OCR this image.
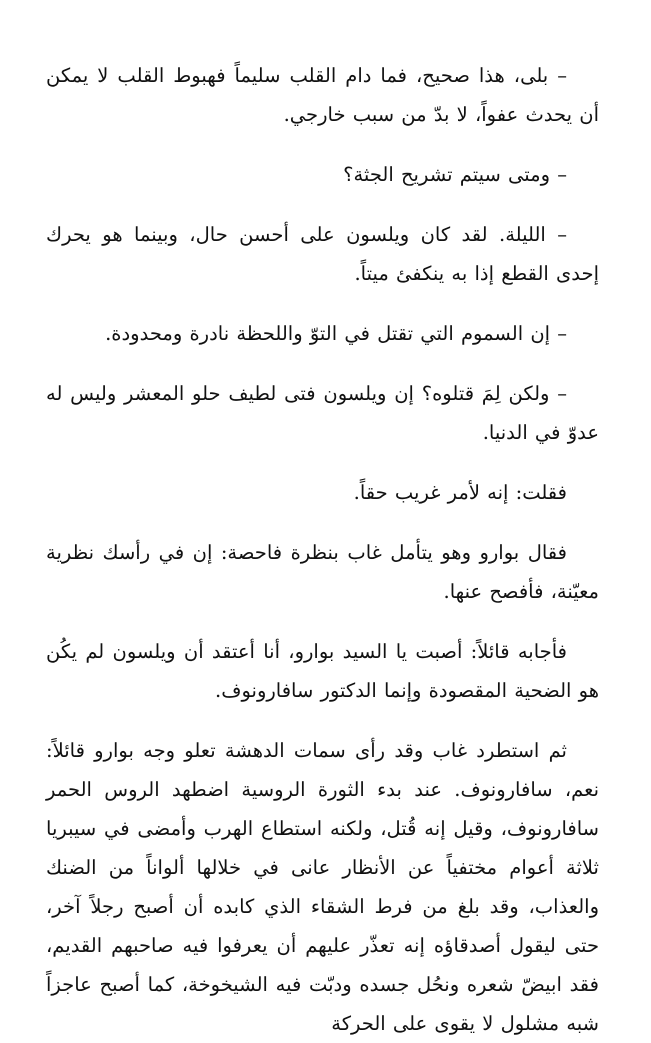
– بلى، هذا صحيح، فما دام القلب سليماً فهبوط القلب لا يمكن أن يحدث عفواً، لا بدّ من سبب خارجي.

– ومتى سيتم تشريح الجثة؟

– الليلة. لقد كان ويلسون على أحسن حال، وبينما هو يحرك إحدى القطع إذا به ينكفئ ميتاً.

– إن السموم التي تقتل في التوّ واللحظة نادرة ومحدودة.

– ولكن لِمَ قتلوه؟ إن ويلسون فتى لطيف حلو المعشر وليس له عدوّ في الدنيا.

فقلت: إنه لأمر غريب حقاً.

فقال بوارو وهو يتأمل غاب بنظرة فاحصة: إن في رأسك نظرية معيّنة، فأفصح عنها.

فأجابه قائلاً: أصبت يا السيد بوارو، أنا أعتقد أن ويلسون لم يكُن هو الضحية المقصودة وإنما الدكتور سافارونوف.

ثم استطرد غاب وقد رأى سمات الدهشة تعلو وجه بوارو قائلاً: نعم، سافارونوف. عند بدء الثورة الروسية اضطهد الروس الحمر سافارونوف، وقيل إنه قُتل، ولكنه استطاع الهرب وأمضى في سيبريا ثلاثة أعوام مختفياً عن الأنظار عانى في خلالها ألواناً من الضنك والعذاب، وقد بلغ من فرط الشقاء الذي كابده أن أصبح رجلاً آخر، حتى ليقول أصدقاؤه إنه تعذّر عليهم أن يعرفوا فيه صاحبهم القديم، فقد ابيضّ شعره ونحُل جسده ودبّت فيه الشيخوخة، كما أصبح عاجزاً شبه مشلول لا يقوى على الحركة
